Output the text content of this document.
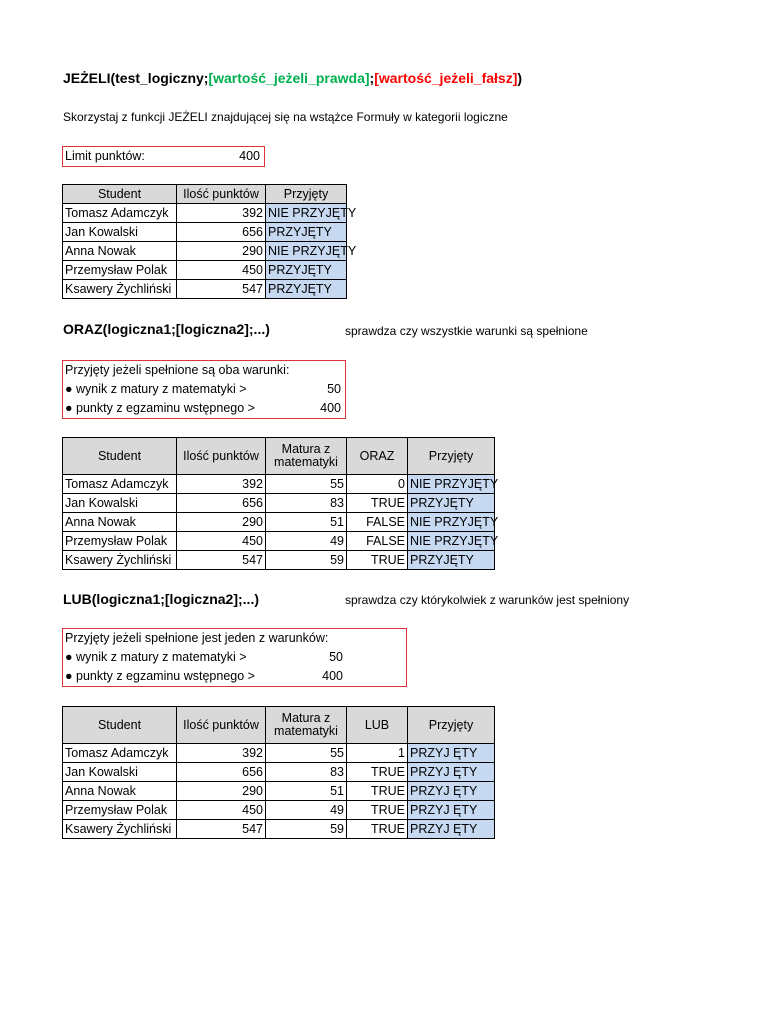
JEŻELI(test_logiczny;[wartość_jeżeli_prawda];[wartość_jeżeli_fałsz])
Skorzystaj z funkcji JEŻELI znajdującej się na wstążce Formuły w kategorii logiczne
Limit punktów:	400
Student	Ilość punktów	Przyjęty
Tomasz Adamczyk	392	NIE PRZYJĘTY
Jan Kowalski	656	PRZYJĘTY
Anna Nowak	290	NIE PRZYJĘTY
Przemysław Polak	450	PRZYJĘTY
Ksawery Żychliński	547	PRZYJĘTY
ORAZ(logiczna1;[logiczna2];...)	sprawdza czy wszystkie warunki są spełnione
Przyjęty jeżeli spełnione są oba warunki:
● wynik z matury z matematyki >	50
● punkty z egzaminu wstępnego >	400
Student	Ilość punktów	Matura z matematyki	ORAZ	Przyjęty
Tomasz Adamczyk	392	55	0	NIE PRZYJĘTY
Jan Kowalski	656	83	TRUE	PRZYJĘTY
Anna Nowak	290	51	FALSE	NIE PRZYJĘTY
Przemysław Polak	450	49	FALSE	NIE PRZYJĘTY
Ksawery Żychliński	547	59	TRUE	PRZYJĘTY
LUB(logiczna1;[logiczna2];...)	sprawdza czy którykolwiek z warunków jest spełniony
Przyjęty jeżeli spełnione jest jeden z warunków:
● wynik z matury z matematyki >	50
● punkty z egzaminu wstępnego >	400
Student	Ilość punktów	Matura z matematyki	LUB	Przyjęty
Tomasz Adamczyk	392	55	1	PRZYJ ĘTY
Jan Kowalski	656	83	TRUE	PRZYJ ĘTY
Anna Nowak	290	51	TRUE	PRZYJ ĘTY
Przemysław Polak	450	49	TRUE	PRZYJ ĘTY
Ksawery Żychliński	547	59	TRUE	PRZYJ ĘTY
